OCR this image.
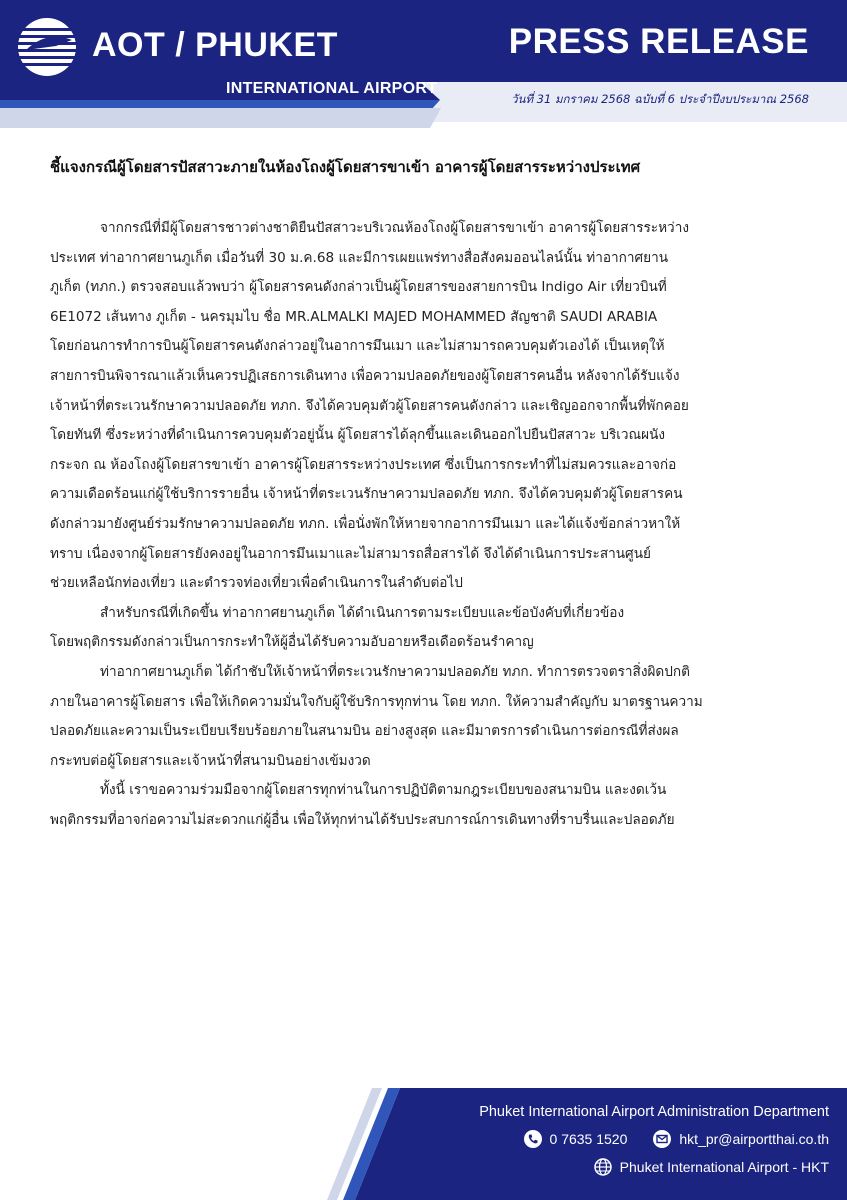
AOT / PHUKET
INTERNATIONAL AIRPORT
PRESS RELEASE
วันที่ 31 มกราคม 2568 ฉบับที่ 6 ประจำปีงบประมาณ 2568
ชี้แจงกรณีผู้โดยสารปัสสาวะภายในห้องโถงผู้โดยสารขาเข้า อาคารผู้โดยสารระหว่างประเทศ
จากกรณีที่มีผู้โดยสารชาวต่างชาติยืนปัสสาวะบริเวณห้องโถงผู้โดยสารขาเข้า อาคารผู้โดยสารระหว่าง
ประเทศ ท่าอากาศยานภูเก็ต เมื่อวันที่ 30 ม.ค.68 และมีการเผยแพร่ทางสื่อสังคมออนไลน์นั้น ท่าอากาศยาน
ภูเก็ต (ทภก.) ตรวจสอบแล้วพบว่า ผู้โดยสารคนดังกล่าวเป็นผู้โดยสารของสายการบิน Indigo Air เที่ยวบินที่
6E1072 เส้นทาง ภูเก็ต - นครมุมไบ ชื่อ MR.ALMALKI MAJED MOHAMMED สัญชาติ SAUDI ARABIA
โดยก่อนการทำการบินผู้โดยสารคนดังกล่าวอยู่ในอาการมึนเมา และไม่สามารถควบคุมตัวเองได้ เป็นเหตุให้
สายการบินพิจารณาแล้วเห็นควรปฏิเสธการเดินทาง เพื่อความปลอดภัยของผู้โดยสารคนอื่น หลังจากได้รับแจ้ง
เจ้าหน้าที่ตระเวนรักษาความปลอดภัย ทภก. จึงได้ควบคุมตัวผู้โดยสารคนดังกล่าว และเชิญออกจากพื้นที่พักคอย
โดยทันที ซึ่งระหว่างที่ดำเนินการควบคุมตัวอยู่นั้น ผู้โดยสารได้ลุกขึ้นและเดินออกไปยืนปัสสาวะ บริเวณผนัง
กระจก ณ ห้องโถงผู้โดยสารขาเข้า อาคารผู้โดยสารระหว่างประเทศ ซึ่งเป็นการกระทำที่ไม่สมควรและอาจก่อ
ความเดือดร้อนแก่ผู้ใช้บริการรายอื่น เจ้าหน้าที่ตระเวนรักษาความปลอดภัย ทภก. จึงได้ควบคุมตัวผู้โดยสารคน
ดังกล่าวมายังศูนย์ร่วมรักษาความปลอดภัย ทภก. เพื่อนั่งพักให้หายจากอาการมึนเมา และได้แจ้งข้อกล่าวหาให้
ทราบ เนื่องจากผู้โดยสารยังคงอยู่ในอาการมึนเมาและไม่สามารถสื่อสารได้ จึงได้ดำเนินการประสานศูนย์
ช่วยเหลือนักท่องเที่ยว และตำรวจท่องเที่ยวเพื่อดำเนินการในลำดับต่อไป
สำหรับกรณีที่เกิดขึ้น ท่าอากาศยานภูเก็ต ได้ดำเนินการตามระเบียบและข้อบังคับที่เกี่ยวข้อง
โดยพฤติกรรมดังกล่าวเป็นการกระทำให้ผู้อื่นได้รับความอับอายหรือเดือดร้อนรำคาญ
ท่าอากาศยานภูเก็ต ได้กำชับให้เจ้าหน้าที่ตระเวนรักษาความปลอดภัย ทภก. ทำการตรวจตราสิ่งผิดปกติ
ภายในอาคารผู้โดยสาร เพื่อให้เกิดความมั่นใจกับผู้ใช้บริการทุกท่าน โดย ทภก. ให้ความสำคัญกับ มาตรฐานความ
ปลอดภัยและความเป็นระเบียบเรียบร้อยภายในสนามบิน อย่างสูงสุด และมีมาตรการดำเนินการต่อกรณีที่ส่งผล
กระทบต่อผู้โดยสารและเจ้าหน้าที่สนามบินอย่างเข้มงวด
ทั้งนี้ เราขอความร่วมมือจากผู้โดยสารทุกท่านในการปฏิบัติตามกฎระเบียบของสนามบิน และงดเว้น
พฤติกรรมที่อาจก่อความไม่สะดวกแก่ผู้อื่น เพื่อให้ทุกท่านได้รับประสบการณ์การเดินทางที่ราบรื่นและปลอดภัย
Phuket International Airport Administration Department
0 7635 1520	hkt_pr@airportthai.co.th
Phuket International Airport - HKT
